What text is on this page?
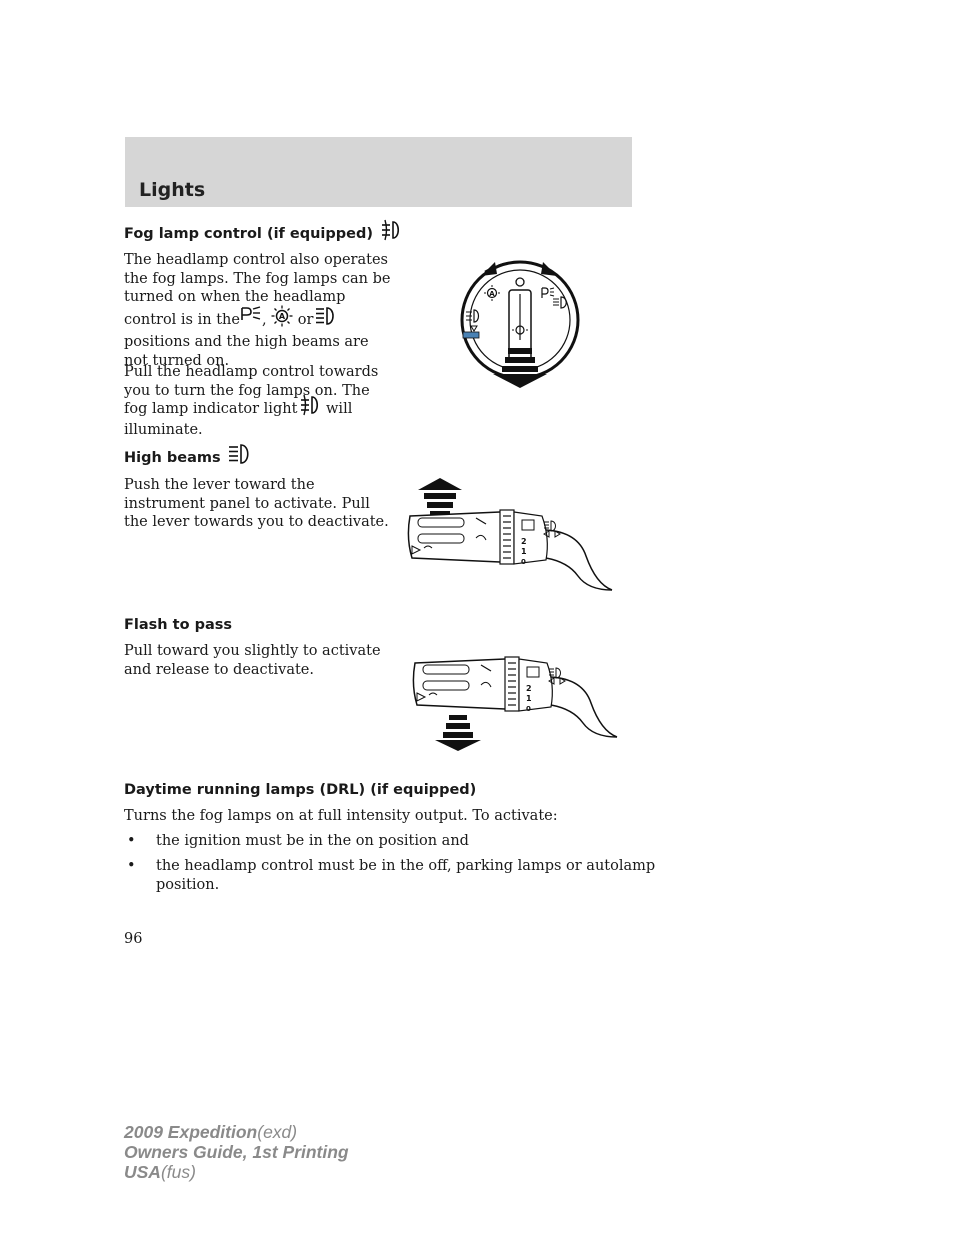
Lights
Fog lamp control (if equipped)
The headlamp control also operates
the fog lamps. The fog lamps can be
turned on when the headlamp
control is in the , A or
positions and the high beams are
not turned on.
Pull the headlamp control towards
you to turn the fog lamps on. The
fog lamp indicator light will
illuminate.
High beams
Push the lever toward the
instrument panel to activate. Pull
the lever towards you to deactivate.
Flash to pass
Pull toward you slightly to activate
and release to deactivate.
Daytime running lamps (DRL) (if equipped)
Turns the fog lamps on at full intensity output. To activate:
• the ignition must be in the on position and
• the headlamp control must be in the off, parking lamps or autolamp
position.
96
2009 Expedition(exd)
Owners Guide, 1st Printing
USA(fus)
A
2
1
0
2
1
0
